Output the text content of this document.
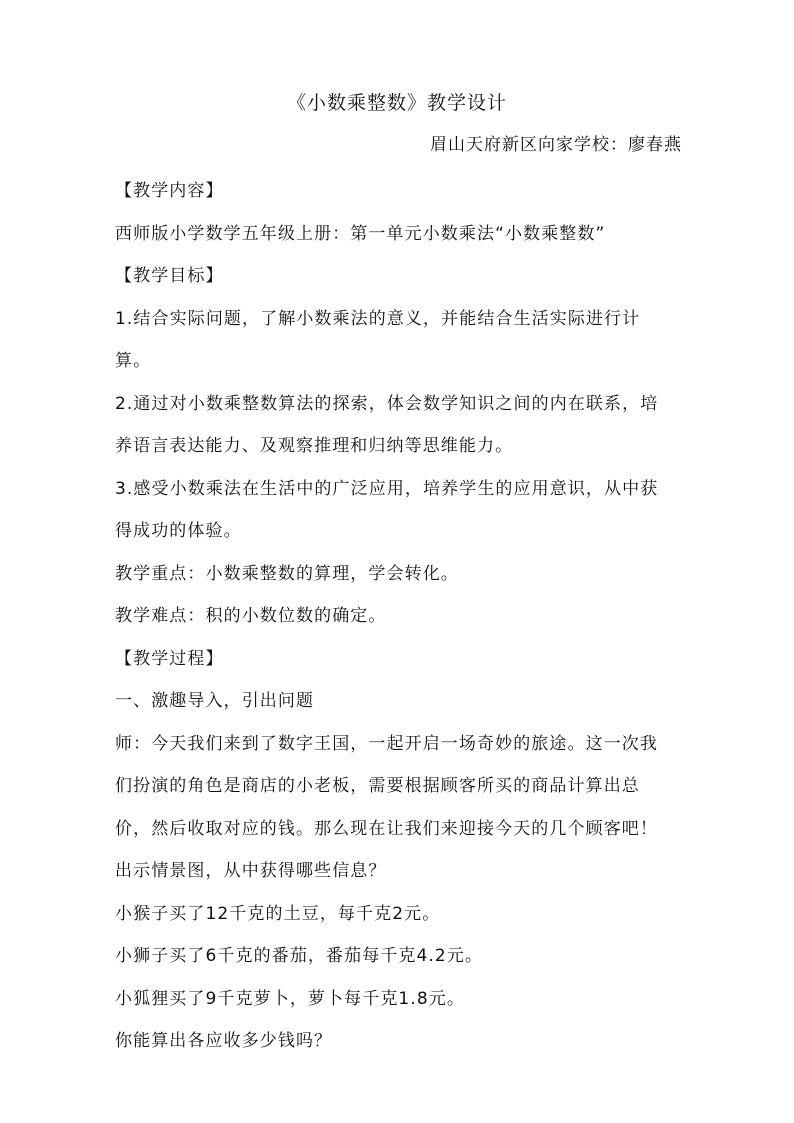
《小数乘整数》教学设计
眉山天府新区向家学校：廖春燕
【教学内容】
西师版小学数学五年级上册：第一单元小数乘法“小数乘整数”
【教学目标】
1.结合实际问题，了解小数乘法的意义，并能结合生活实际进行计
算。
2.通过对小数乘整数算法的探索，体会数学知识之间的内在联系，培
养语言表达能力、及观察推理和归纳等思维能力。
3.感受小数乘法在生活中的广泛应用，培养学生的应用意识，从中获
得成功的体验。
教学重点：小数乘整数的算理，学会转化。
教学难点：积的小数位数的确定。
【教学过程】
一、激趣导入，引出问题
师：今天我们来到了数字王国，一起开启一场奇妙的旅途。这一次我
们扮演的角色是商店的小老板，需要根据顾客所买的商品计算出总
价，然后收取对应的钱。那么现在让我们来迎接今天的几个顾客吧！
出示情景图，从中获得哪些信息？
小猴子买了12千克的土豆，每千克2元。
小狮子买了6千克的番茄，番茄每千克4.2元。
小狐狸买了9千克萝卜，萝卜每千克1.8元。
你能算出各应收多少钱吗？
